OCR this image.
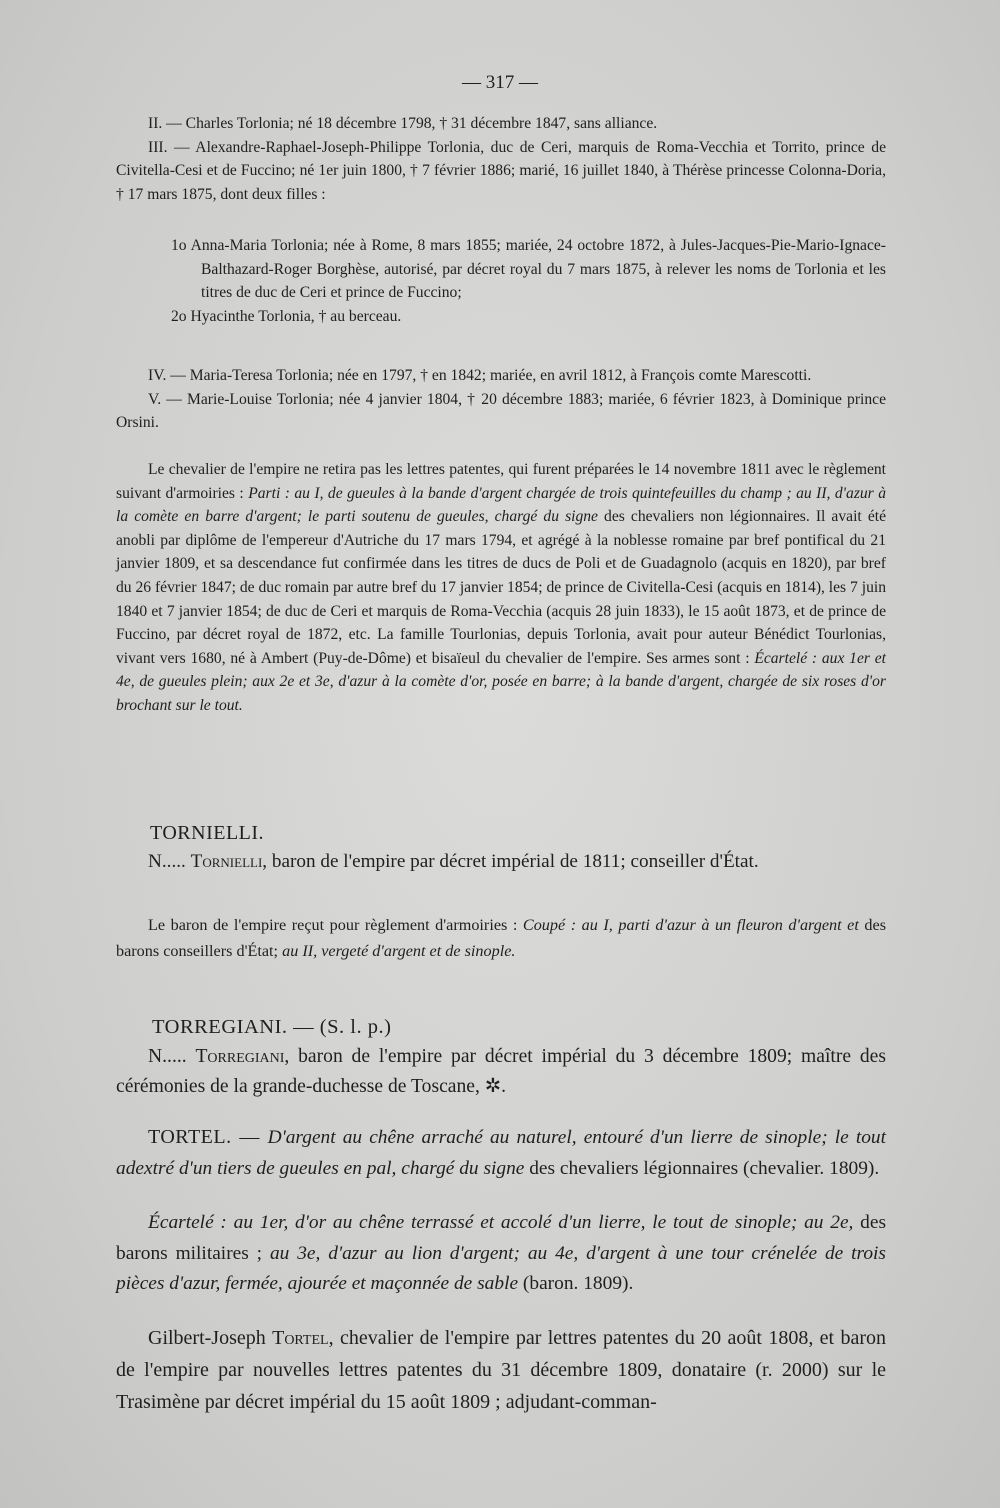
— 317 —

II. — Charles Torlonia; né 18 décembre 1798, † 31 décembre 1847, sans alliance.

III. — Alexandre-Raphael-Joseph-Philippe Torlonia, duc de Ceri, marquis de Roma-Vecchia et Torrito, prince de Civitella-Cesi et de Fuccino; né 1er juin 1800, † 7 février 1886; marié, 16 juillet 1840, à Thérèse princesse Colonna-Doria, † 17 mars 1875, dont deux filles :

1o Anna-Maria Torlonia; née à Rome, 8 mars 1855; mariée, 24 octobre 1872, à Jules-Jacques-Pie-Mario-Ignace-Balthazard-Roger Borghèse, autorisé, par décret royal du 7 mars 1875, à relever les noms de Torlonia et les titres de duc de Ceri et prince de Fuccino;

2o Hyacinthe Torlonia, † au berceau.

IV. — Maria-Teresa Torlonia; née en 1797, † en 1842; mariée, en avril 1812, à François comte Marescotti.

V. — Marie-Louise Torlonia; née 4 janvier 1804, † 20 décembre 1883; mariée, 6 février 1823, à Dominique prince Orsini.

Le chevalier de l'empire ne retira pas les lettres patentes, qui furent préparées le 14 novembre 1811 avec le règlement suivant d'armoiries : Parti : au I, de gueules à la bande d'argent chargée de trois quintefeuilles du champ ; au II, d'azur à la comète en barre d'argent; le parti soutenu de gueules, chargé du signe des chevaliers non légionnaires. Il avait été anobli par diplôme de l'empereur d'Autriche du 17 mars 1794, et agrégé à la noblesse romaine par bref pontifical du 21 janvier 1809, et sa descendance fut confirmée dans les titres de ducs de Poli et de Guadagnolo (acquis en 1820), par bref du 26 février 1847; de duc romain par autre bref du 17 janvier 1854; de prince de Civitella-Cesi (acquis en 1814), les 7 juin 1840 et 7 janvier 1854; de duc de Ceri et marquis de Roma-Vecchia (acquis 28 juin 1833), le 15 août 1873, et de prince de Fuccino, par décret royal de 1872, etc. La famille Tourlonias, depuis Torlonia, avait pour auteur Bénédict Tourlonias, vivant vers 1680, né à Ambert (Puy-de-Dôme) et bisaïeul du chevalier de l'empire. Ses armes sont : Écartelé : aux 1er et 4e, de gueules plein; aux 2e et 3e, d'azur à la comète d'or, posée en barre; à la bande d'argent, chargée de six roses d'or brochant sur le tout.

TORNIELLI.

N..... Tornielli, baron de l'empire par décret impérial de 1811; conseiller d'État.

Le baron de l'empire reçut pour règlement d'armoiries : Coupé : au I, parti d'azur à un fleuron d'argent et des barons conseillers d'État; au II, vergeté d'argent et de sinople.

TORREGIANI. — (S. l. p.)

N..... Torregiani, baron de l'empire par décret impérial du 3 décembre 1809; maître des cérémonies de la grande-duchesse de Toscane, ✲.

TORTEL. — D'argent au chêne arraché au naturel, entouré d'un lierre de sinople; le tout adextré d'un tiers de gueules en pal, chargé du signe des chevaliers légionnaires (chevalier. 1809).

Écartelé : au 1er, d'or au chêne terrassé et accolé d'un lierre, le tout de sinople; au 2e, des barons militaires ; au 3e, d'azur au lion d'argent; au 4e, d'argent à une tour crénelée de trois pièces d'azur, fermée, ajourée et maçonnée de sable (baron. 1809).

Gilbert-Joseph Tortel, chevalier de l'empire par lettres patentes du 20 août 1808, et baron de l'empire par nouvelles lettres patentes du 31 décembre 1809, donataire (r. 2000) sur le Trasimène par décret impérial du 15 août 1809 ; adjudant-comman-
